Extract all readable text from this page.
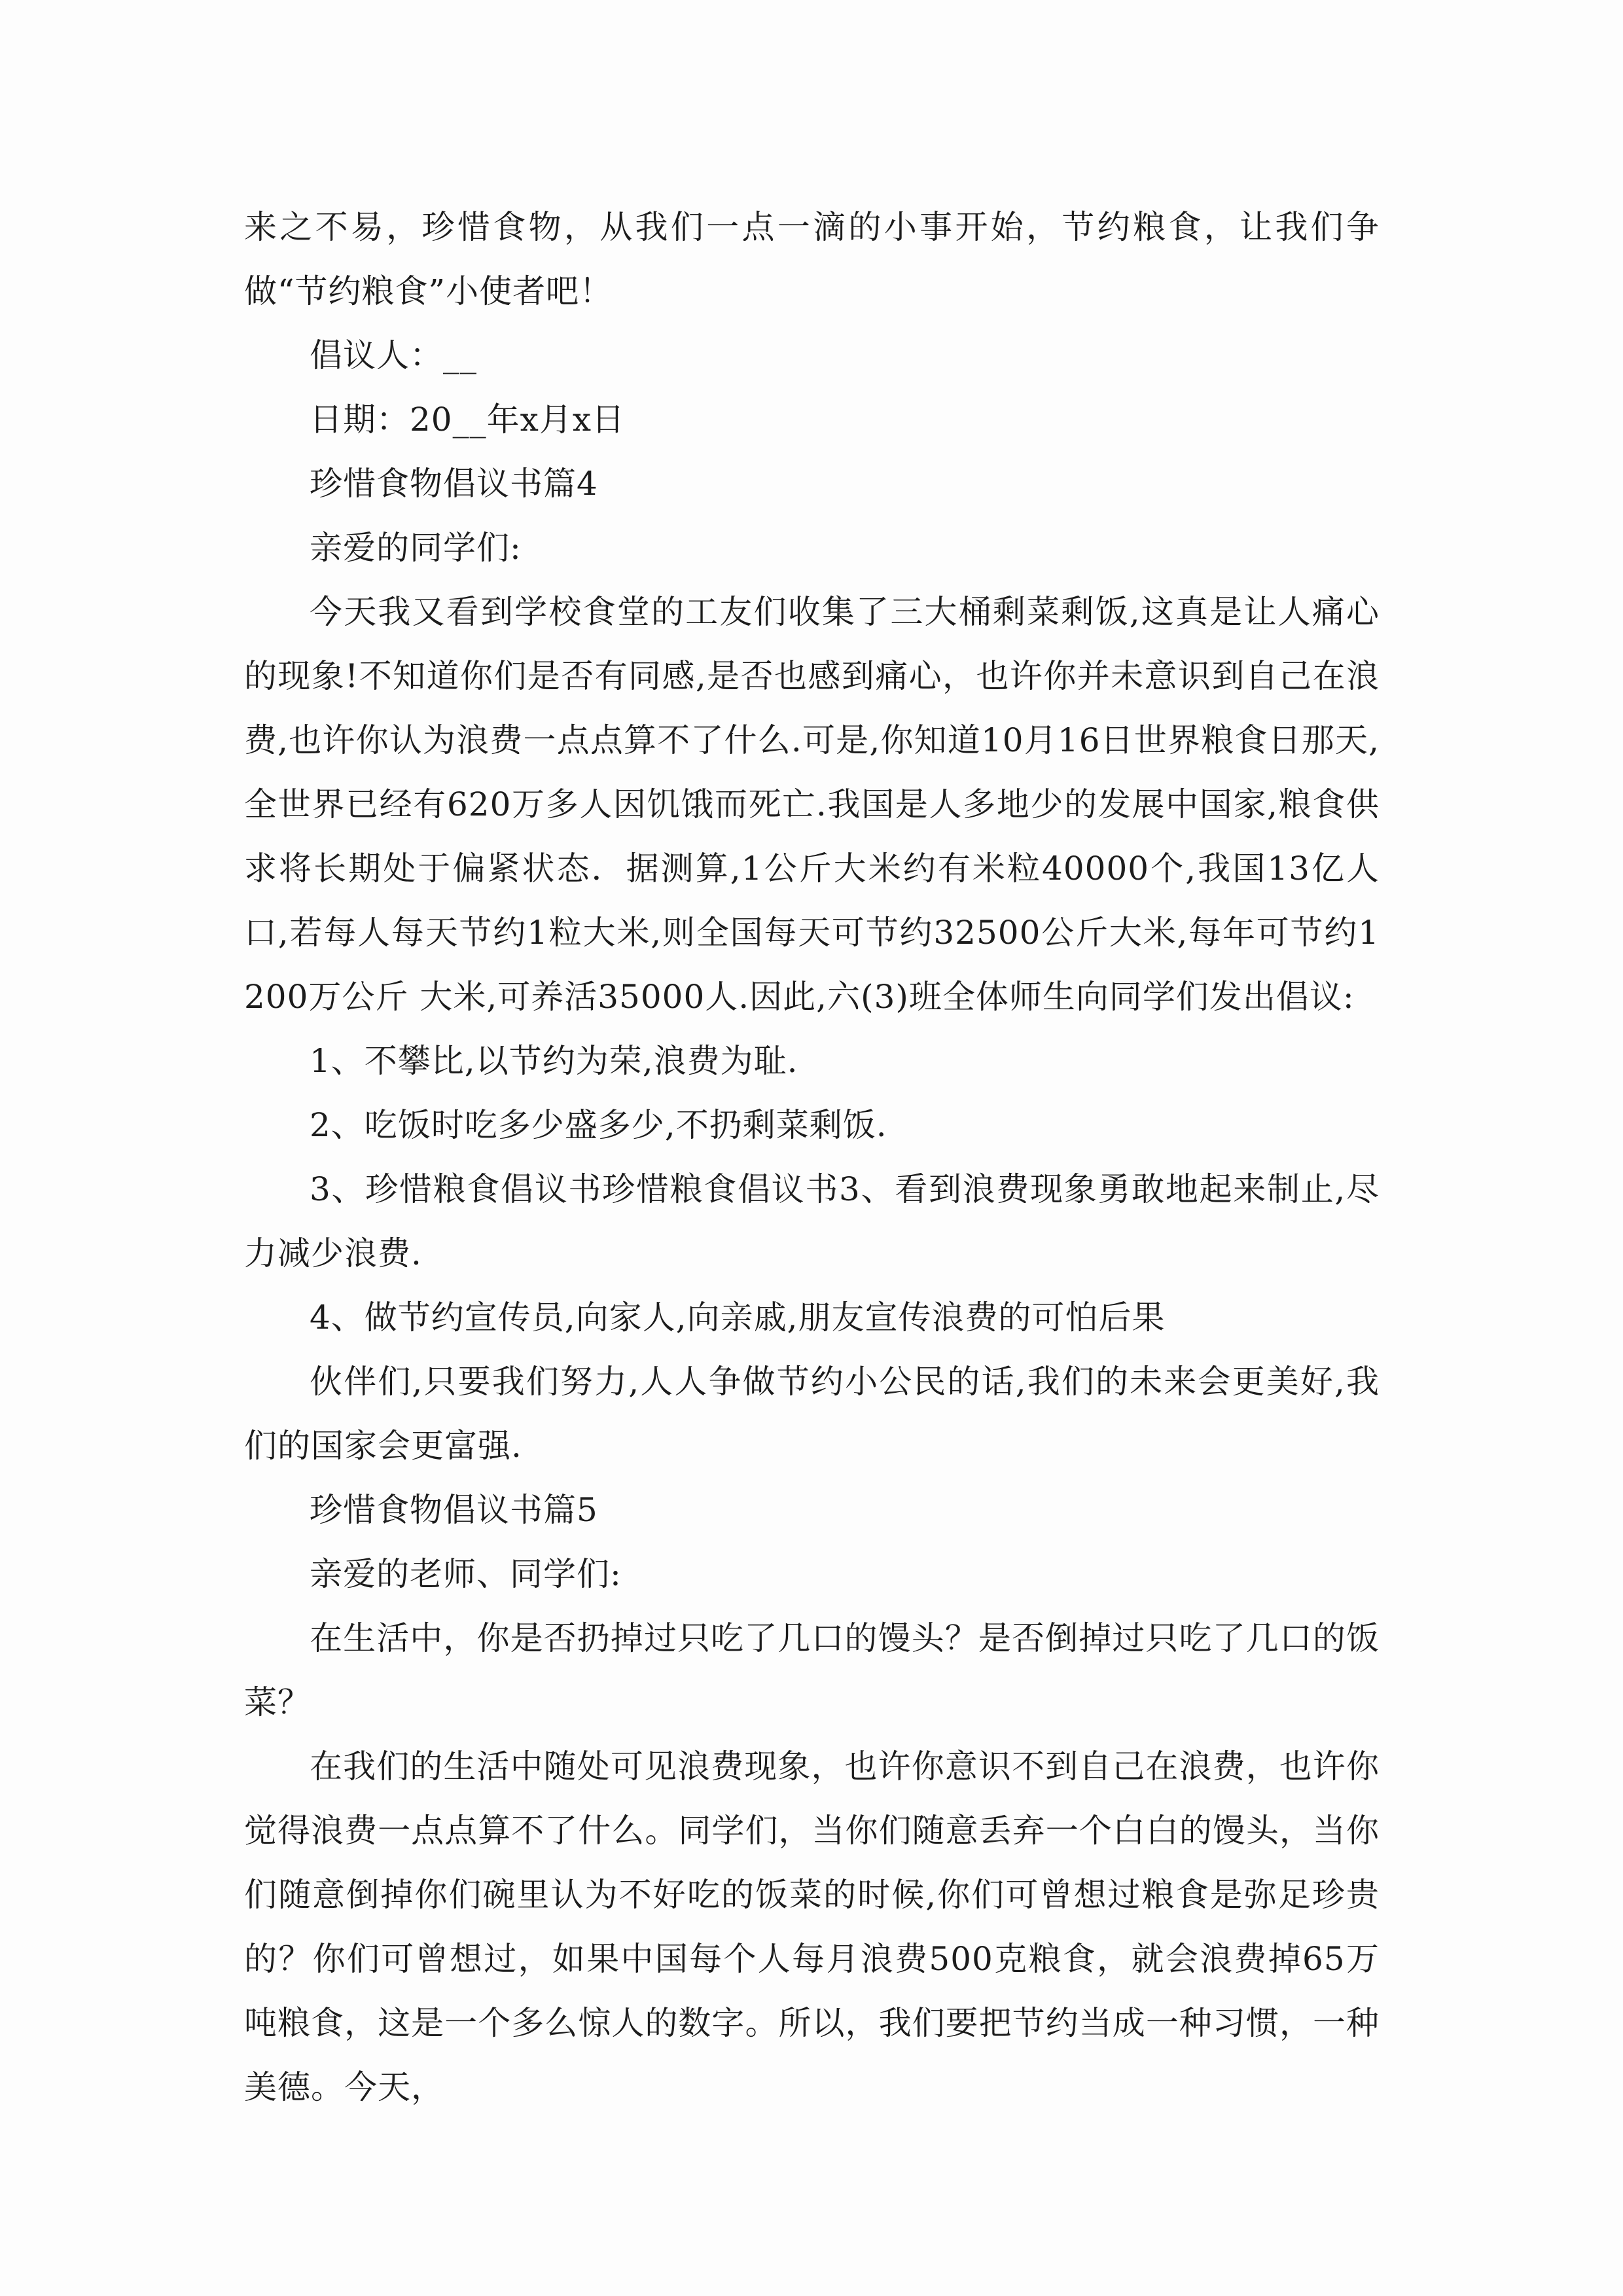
来之不易，珍惜食物，从我们一点一滴的小事开始，节约粮食，让我们争做“节约粮食”小使者吧！

倡议人：__

日期：20__年x月x日

珍惜食物倡议书篇4

亲爱的同学们:

今天我又看到学校食堂的工友们收集了三大桶剩菜剩饭,这真是让人痛心的现象!不知道你们是否有同感,是否也感到痛心，也许你并未意识到自己在浪费,也许你认为浪费一点点算不了什么.可是,你知道10月16日世界粮食日那天,全世界已经有620万多人因饥饿而死亡.我国是人多地少的发展中国家,粮食供求将长期处于偏紧状态．据测算,1公斤大米约有米粒40000个,我国13亿人口,若每人每天节约1粒大米,则全国每天可节约32500公斤大米,每年可节约1200万公斤 大米,可养活35000人.因此,六(3)班全体师生向同学们发出倡议:

1、不攀比,以节约为荣,浪费为耻.

2、吃饭时吃多少盛多少,不扔剩菜剩饭.

3、珍惜粮食倡议书珍惜粮食倡议书3、看到浪费现象勇敢地起来制止,尽力减少浪费.

4、做节约宣传员,向家人,向亲戚,朋友宣传浪费的可怕后果

伙伴们,只要我们努力,人人争做节约小公民的话,我们的未来会更美好,我们的国家会更富强.

珍惜食物倡议书篇5

亲爱的老师、同学们:

在生活中，你是否扔掉过只吃了几口的馒头？是否倒掉过只吃了几口的饭菜？

在我们的生活中随处可见浪费现象，也许你意识不到自己在浪费，也许你觉得浪费一点点算不了什么。同学们，当你们随意丢弃一个白白的馒头，当你们随意倒掉你们碗里认为不好吃的饭菜的时候,你们可曾想过粮食是弥足珍贵的？你们可曾想过，如果中国每个人每月浪费500克粮食，就会浪费掉65万吨粮食，这是一个多么惊人的数字。所以，我们要把节约当成一种习惯，一种美德。今天，
